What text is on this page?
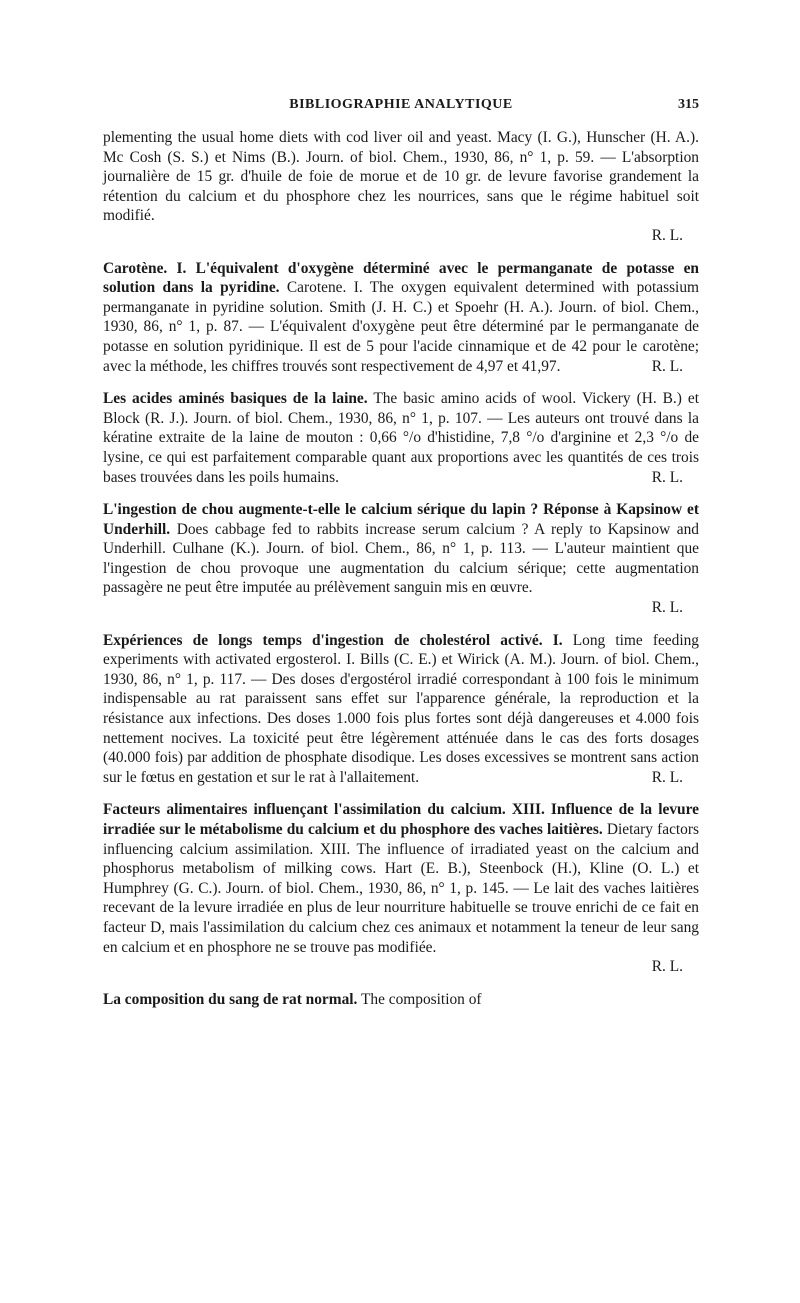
BIBLIOGRAPHIE ANALYTIQUE	315

plementing the usual home diets with cod liver oil and yeast. Macy (I. G.), Hunscher (H. A.). Mc Cosh (S. S.) et Nims (B.). Journ. of biol. Chem., 1930, 86, n° 1, p. 59. — L'absorption journalière de 15 gr. d'huile de foie de morue et de 10 gr. de levure favorise grandement la rétention du calcium et du phosphore chez les nourrices, sans que le régime habituel soit modifié.

R. L.

Carotène. I. L'équivalent d'oxygène déterminé avec le permanganate de potasse en solution dans la pyridine. Carotene. I. The oxygen equivalent determined with potassium permanganate in pyridine solution. Smith (J. H. C.) et Spoehr (H. A.). Journ. of biol. Chem., 1930, 86, n° 1, p. 87. — L'équivalent d'oxygène peut être déterminé par le permanganate de potasse en solution pyridinique. Il est de 5 pour l'acide cinnamique et de 42 pour le carotène; avec la méthode, les chiffres trouvés sont respectivement de 4,97 et 41,97.	R. L.

Les acides aminés basiques de la laine. The basic amino acids of wool. Vickery (H. B.) et Block (R. J.). Journ. of biol. Chem., 1930, 86, n° 1, p. 107. — Les auteurs ont trouvé dans la kératine extraite de la laine de mouton : 0,66 °/o d'histidine, 7,8 °/o d'arginine et 2,3 °/o de lysine, ce qui est parfaitement comparable quant aux proportions avec les quantités de ces trois bases trouvées dans les poils humains.	R. L.

L'ingestion de chou augmente-t-elle le calcium sérique du lapin ? Réponse à Kapsinow et Underhill. Does cabbage fed to rabbits increase serum calcium ? A reply to Kapsinow and Underhill. Culhane (K.). Journ. of biol. Chem., 86, n° 1, p. 113. — L'auteur maintient que l'ingestion de chou provoque une augmentation du calcium sérique; cette augmentation passagère ne peut être imputée au prélèvement sanguin mis en œuvre.

R. L.

Expériences de longs temps d'ingestion de cholestérol activé. I. Long time feeding experiments with activated ergosterol. I. Bills (C. E.) et Wirick (A. M.). Journ. of biol. Chem., 1930, 86, n° 1, p. 117. — Des doses d'ergostérol irradié correspondant à 100 fois le minimum indispensable au rat paraissent sans effet sur l'apparence générale, la reproduction et la résistance aux infections. Des doses 1.000 fois plus fortes sont déjà dangereuses et 4.000 fois nettement nocives. La toxicité peut être légèrement atténuée dans le cas des forts dosages (40.000 fois) par addition de phosphate disodique. Les doses excessives se montrent sans action sur le fœtus en gestation et sur le rat à l'allaitement.	R. L.

Facteurs alimentaires influençant l'assimilation du calcium. XIII. Influence de la levure irradiée sur le métabolisme du calcium et du phosphore des vaches laitières. Dietary factors influencing calcium assimilation. XIII. The influence of irradiated yeast on the calcium and phosphorus metabolism of milking cows. Hart (E. B.), Steenbock (H.), Kline (O. L.) et Humphrey (G. C.). Journ. of biol. Chem., 1930, 86, n° 1, p. 145. — Le lait des vaches laitières recevant de la levure irradiée en plus de leur nourriture habituelle se trouve enrichi de ce fait en facteur D, mais l'assimilation du calcium chez ces animaux et notamment la teneur de leur sang en calcium et en phosphore ne se trouve pas modifiée.

R. L.

La composition du sang de rat normal. The composition of
